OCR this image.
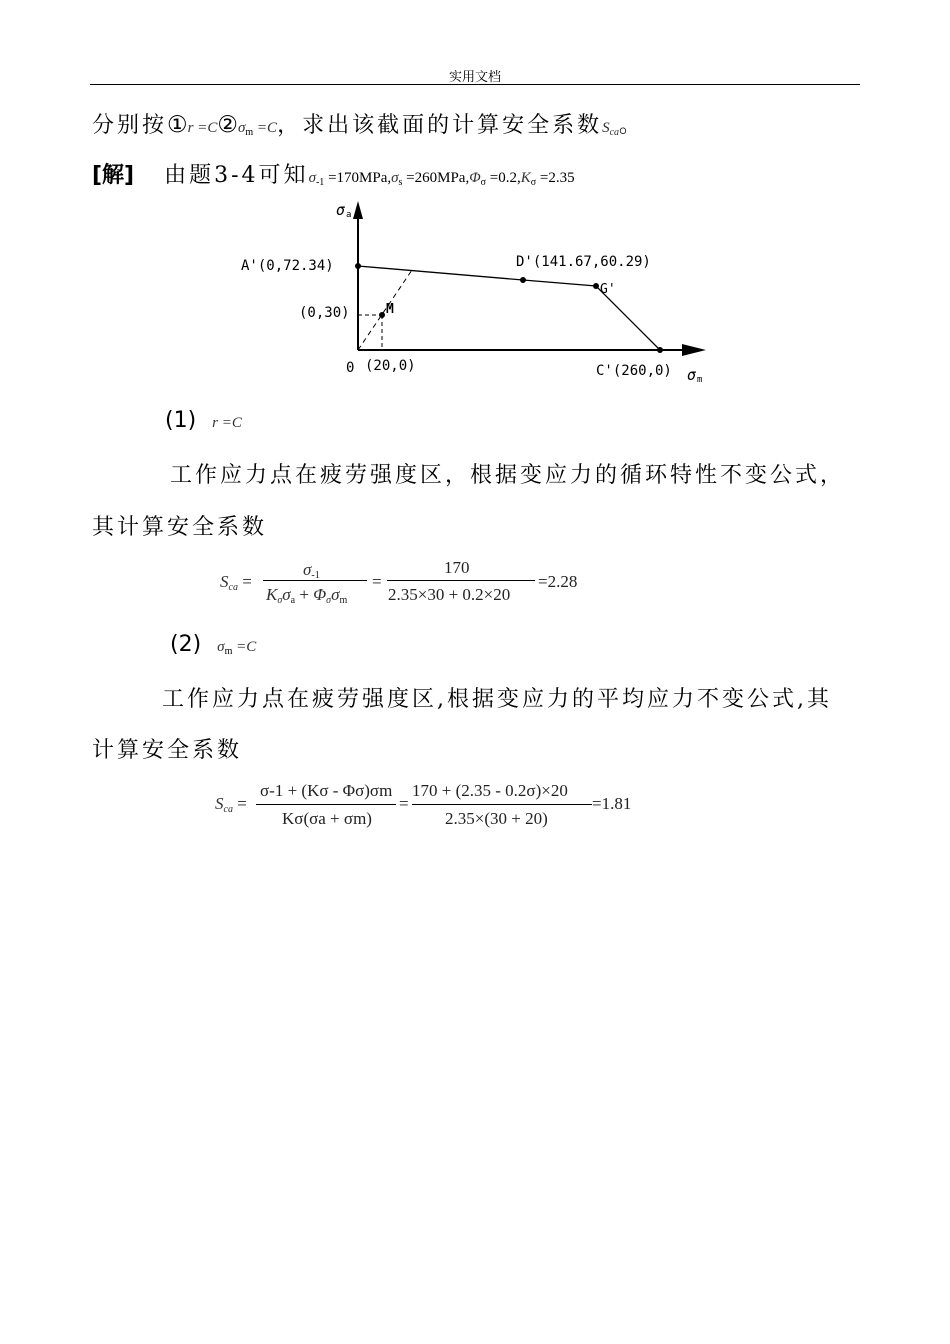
实用文档
分别按①r $=C②\sigma_m =C$，求出该截面的计算安全系数$S_{ca}$。
[解] 由题3-4可知$\sigma_{-1} =170MPa,\sigma_s =260MPa,\Phi_\sigma =0.2,K_\sigma =2.35$
σ a
σ m
A'(0,72.34)	D'(141.67,60.29)
G'
M
(0,30)
0 (20,0)	C'(260,0)
(1) r =C
工作应力点在疲劳强度区，根据变应力的循环特性不变公式，
其计算安全系数
$S_{ca}$ =
$\sigma_{-1}$
$K_\sigma\sigma_a + \Phi_\sigma\sigma_m$
=
170
2.35×30 + 0.2×20
=2.28
(2) $\sigma_m =C$
工作应力点在疲劳强度区,根据变应力的平均应力不变公式,其
计算安全系数
$S_{ca}$ =
σ-1 + (Kσ - Φσ)σm
Kσ(σa + σm)
=
170 + (2.35 - 0.2σ)×20
2.35×(30 + 20)
=1.81
